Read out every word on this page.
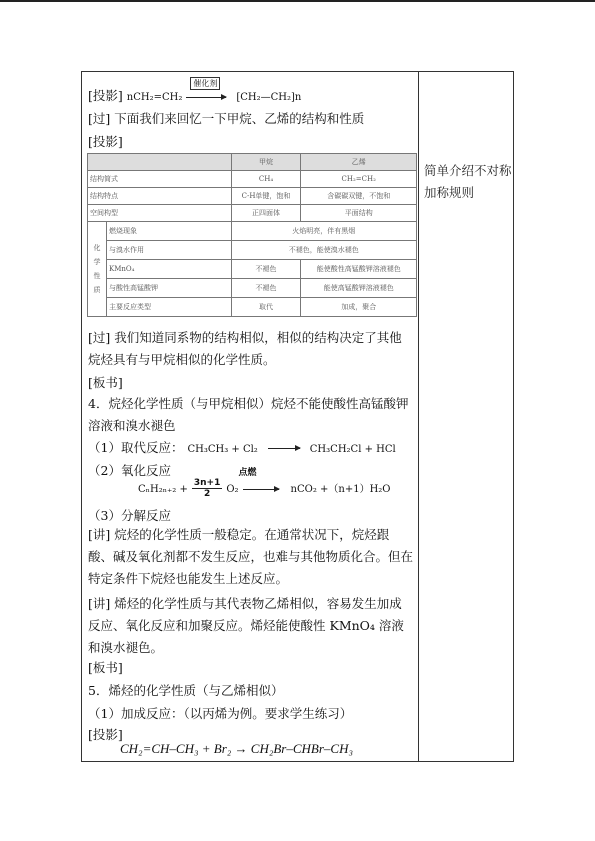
简单介绍不对称加称规则
[投影] nCH₂=CH₂
催化剂
[CH₂—CH₂]n
[过] 下面我们来回忆一下甲烷、乙烯的结构和性质
[投影]
		甲烷	乙烯
结构简式		CH₄	CH₂=CH₂
结构特点		C-H单键，饱和	含碳碳双键，不饱和
空间构型		正四面体	平面结构
化
学
性
质	燃烧现象	火焰明亮，伴有黑烟	
	与溴水作用	不褪色，能使溴水褪色	
	KMnO₄	不褪色	能使酸性高锰酸钾溶液褪色
	与酸性高锰酸钾	不褪色	能使高锰酸钾溶液褪色
	主要反应类型	取代	加成，聚合
[过] 我们知道同系物的结构相似，相似的结构决定了其他烷烃具有与甲烷相似的化学性质。
[板书]
4．烷烃化学性质（与甲烷相似）烷烃不能使酸性高锰酸钾溶液和溴水褪色
（1）取代反应： CH₃CH₃ + Cl₂	CH₃CH₂Cl + HCl
（2）氧化反应
$C_nH_{2n+2} + \frac{3n+1}{2} O_2$
点燃
nCO₂ +（n+1）H₂O
（3）分解反应
[讲] 烷烃的化学性质一般稳定。在通常状况下，烷烃跟酸、碱及氧化剂都不发生反应，也难与其他物质化合。但在特定条件下烷烃也能发生上述反应。
[讲] 烯烃的化学性质与其代表物乙烯相似，容易发生加成反应、氧化反应和加聚反应。烯烃能使酸性 KMnO₄ 溶液和溴水褪色。
[板书]
5．烯烃的化学性质（与乙烯相似）
（1）加成反应：（以丙烯为例。要求学生练习）
[投影]
CH₂=CH–CH₃ + Br₂ → CH₂Br–CHBr–CH₃
